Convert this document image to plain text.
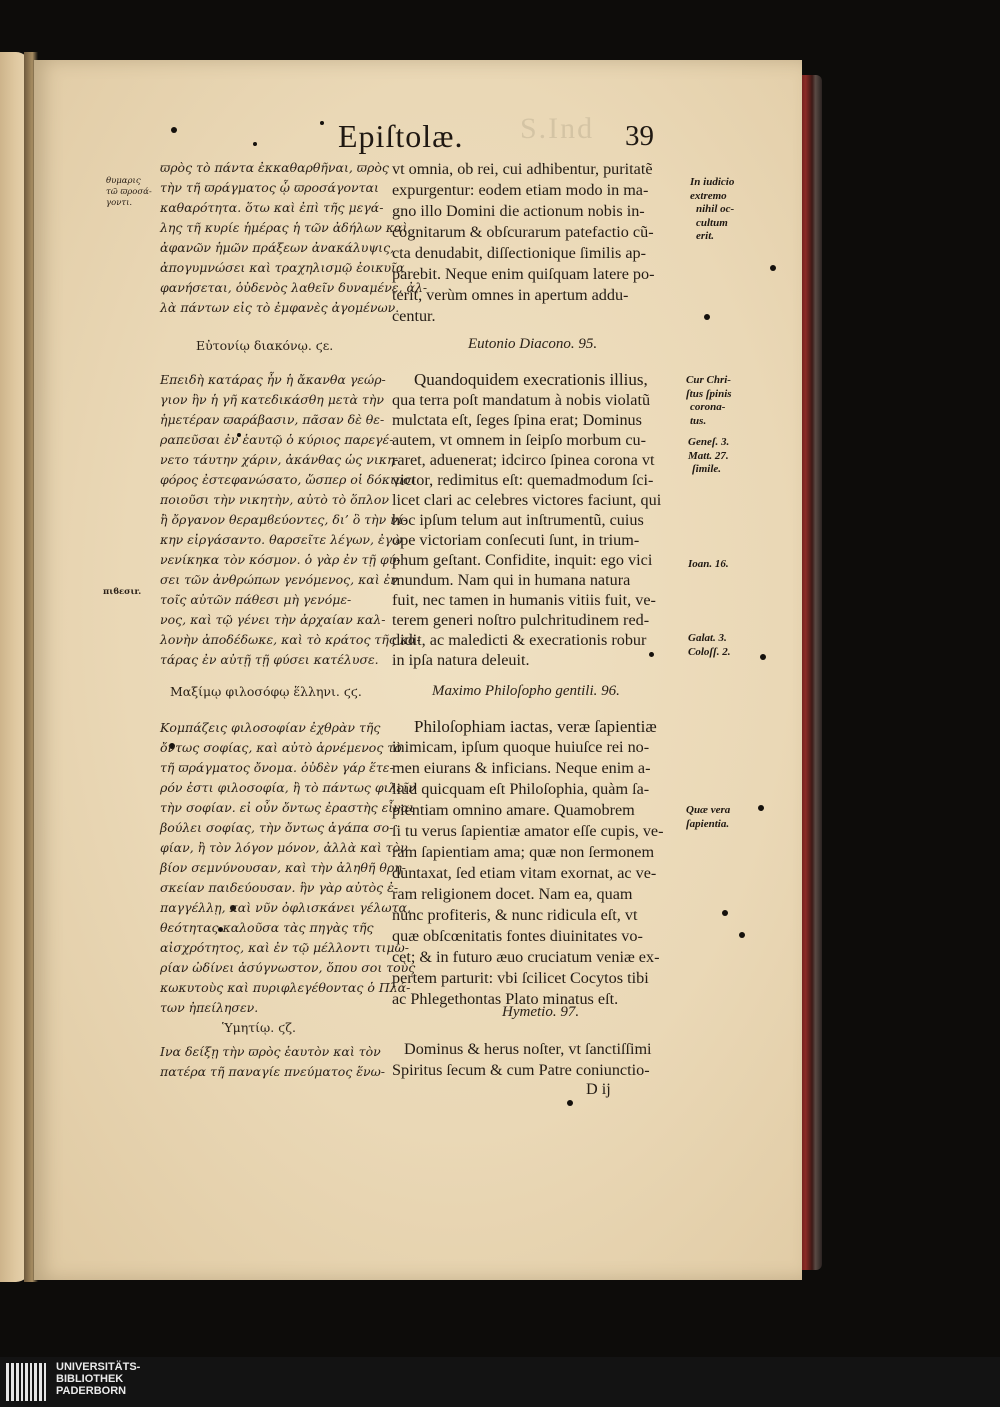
S.Ind
Epiſtolæ.	39
θυμαρις
τῶ ϖροσά-
γοντι.
πιϐεσιr.
ϖρὸς τὸ πάντα ἐκκαθαρθῆναι, ϖρὸς
τὴν τῆ ϖράγματος ᾧ ϖροσάγονται
καθαρότητα. ὅτω καὶ ἐπὶ τῆς μεγά-
λης τῆ κυρίε ἡμέρας ἡ τῶν ἀδήλων καὶ
ἀφανῶν ἡμῶν πράξεων ἀνακάλυψις,
ἀπογυμνώσει καὶ τραχηλισμῷ ἐοικυῖα
φανήσεται, ὁὐδενὸς λαθεῖν δυναμένε, ἀλ-
λὰ πάντων εἰς τὸ ἐμφανὲς ἀγομένων.
Εὐτονίῳ διακόνῳ. ϛε.
Επειδὴ κατάρας ἦν ἡ ἄκανθα γεώρ-
γιον ἣν ἡ γῆ κατεδικάσθη μετὰ τὴν
ἡμετέραν ϖαράβασιν, πᾶσαν δὲ θε-
ραπεῦσαι ἐν ἑαυτῷ ὁ κύριος παρεγέ-
νετο τάυτην χάριν, ἀκάνθας ὡς νικη-
φόρος ἐστεφανώσατο, ὥσπερ οἱ δόκιμοι
ποιοῦσι τὴν νικητὴν, αὐτὸ τὸ ὅπλον
ἢ ὄργανον θεραμϐεύοντες, δι’ ὃ τὴν νί-
κην εἰργάσαντο. θαρσεῖτε λέγων, ἐγὼ
νενίκηκα τὸν κόσμον. ὁ γὰρ ἐν τῇ φύ-
σει τῶν ἀνθρώπων γενόμενος, καὶ ἐν
τοῖς αὐτῶν πάθεσι μὴ γενόμε-
νος, καὶ τῷ γένει τὴν ἀρχαίαν καλ-
λονὴν ἀποδέδωκε, καὶ τὸ κράτος τῆς κα-
τάρας ἐν αὐτῇ τῇ φύσει κατέλυσε.
Μαξίμῳ φιλοσόφῳ ἕλληνι. ϛϛ.
Κομπάζεις φιλοσοφίαν ἐχθρὰν τῆς
ὄντως σοφίας, καὶ αὐτὸ ἀρνέμενος τὸ
τῆ ϖράγματος ὄνομα. ὁὐδὲν γάρ ἕτε-
ρόν ἐστι φιλοσοφία, ἢ τὸ πάντως φιλεῖν
τὴν σοφίαν. εἰ οὖν ὄντως ἐραστὴς εἶναι
βούλει σοφίας, τὴν ὄντως ἀγάπα σο-
φίαν, ἢ τὸν λόγον μόνον, ἀλλὰ καὶ τὸν
βίον σεμνύνουσαν, καὶ τὴν ἀληθῆ θρη-
σκείαν παιδεύουσαν. ἣν γὰρ αὐτὸς ἐ-
παγγέλλῃ, καὶ νῦν ὀφλισκάνει γέλωτα,
θεότητας καλοῦσα τὰς πηγὰς τῆς
αἰσχρότητος, καὶ ἐν τῷ μέλλοντι τιμω-
ρίαν ὠδίνει ἀσύγνωστον, ὅπου σοι τοὺς
κωκυτοὺς καὶ πυριφλεγέθοντας ὁ Πλά-
των ἠπείλησεν.
Ὑμητίῳ. ϛζ.
Ινα δείξῃ τὴν ϖρὸς ἑαυτὸν καὶ τὸν
πατέρα τῆ παναγίε πνεύματος ἕνω-
vt omnia, ob rei, cui adhibentur, puritatẽ
expurgentur: eodem etiam modo in ma-
gno illo Domini die actionum nobis in-
cognitarum & obſcurarum patefactio cũ-
cta denudabit, diſſectionique ſimilis ap-
parebit. Neque enim quiſquam latere po-
terit, verùm omnes in apertum addu-
centur.
Eutonio Diacono. 95.
Quandoquidem execrationis illius,
qua terra poſt mandatum à nobis violatũ
mulctata eſt, ſeges ſpina erat; Dominus
autem, vt omnem in ſeipſo morbum cu-
raret, aduenerat; idcirco ſpinea corona vt
victor, redimitus eſt: quemadmodum ſci-
licet clari ac celebres victores faciunt, qui
hoc ipſum telum aut inſtrumentũ, cuius
ope victoriam conſecuti ſunt, in trium-
phum geſtant. Confidite, inquit: ego vici
mundum. Nam qui in humana natura
fuit, nec tamen in humanis vitiis fuit, ve-
terem generi noſtro pulchritudinem red-
didit, ac maledicti & execrationis robur
in ipſa natura deleuit.
Maximo Philoſopho gentili. 96.
Philoſophiam iactas, veræ ſapientiæ
inimicam, ipſum quoque huiuſce rei no-
men eiurans & inficians. Neque enim a-
liud quicquam eſt Philoſophia, quàm ſa-
pientiam omnino amare. Quamobrem
ſi tu verus ſapientiæ amator eſſe cupis, ve-
ram ſapientiam ama; quæ non ſermonem
duntaxat, ſed etiam vitam exornat, ac ve-
ram religionem docet. Nam ea, quam
nunc profiteris, & nunc ridicula eſt, vt
quæ obſcœnitatis fontes diuinitates vo-
cet; & in futuro æuo cruciatum veniæ ex-
pertem parturit: vbi ſcilicet Cocytos tibi
ac Phlegethontas Plato minatus eſt.
Hymetio. 97.
Dominus & herus noſter, vt ſanctiſſimi
Spiritus ſecum & cum Patre coniunctio-
D ij
In iudicio
extremo
nihil oc-
cultum
erit.
Cur Chri-
ſtus ſpinis
corona-
tus.
Geneſ. 3.
Matt. 27.
ſimile.
Ioan. 16.
Galat. 3.
Coloſſ. 2.
Quæ vera
ſapientia.
UNIVERSITÄTS-
BIBLIOTHEK
PADERBORN
